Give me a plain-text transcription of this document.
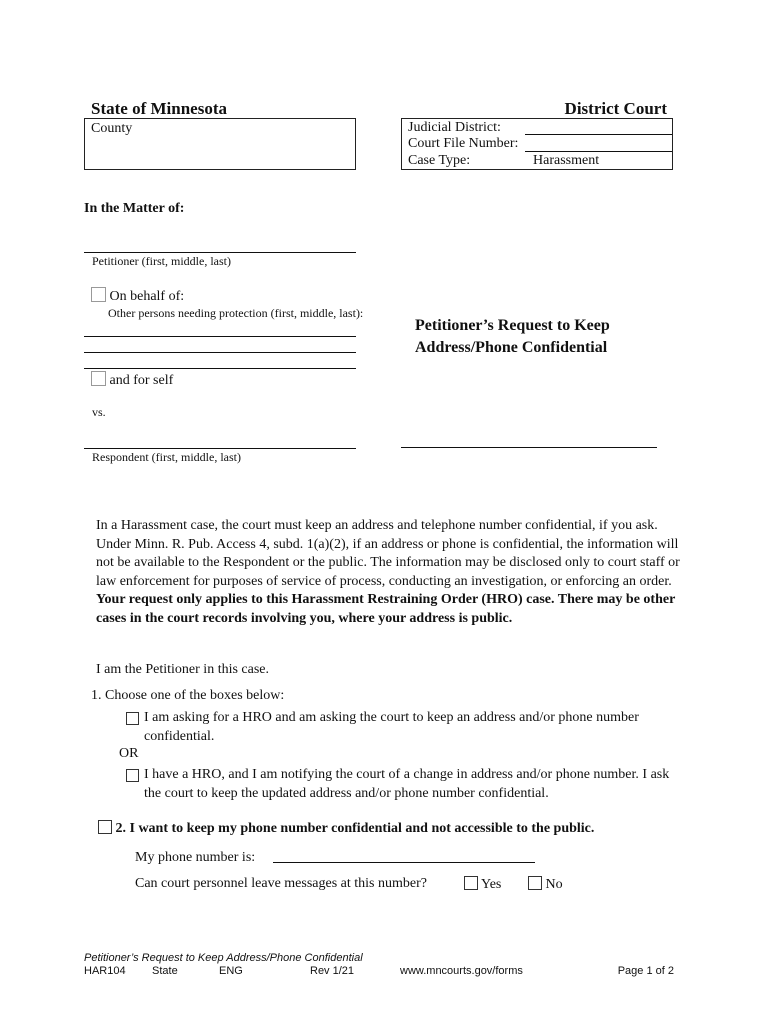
State of Minnesota	District Court
County	Judicial District:
Court File Number:
Case Type:	Harassment
In the Matter of:
Petitioner (first, middle, last)
On behalf of:
Other persons needing protection (first, middle, last):
and for self
vs.
Respondent (first, middle, last)
Petitioner’s Request to Keep
Address/Phone Confidential
In a Harassment case, the court must keep an address and telephone number confidential, if you ask. Under Minn. R. Pub. Access 4, subd. 1(a)(2), if an address or phone is confidential, the information will not be available to the Respondent or the public. The information may be disclosed only to court staff or law enforcement for purposes of service of process, conducting an investigation, or enforcing an order. Your request only applies to this Harassment Restraining Order (HRO) case. There may be other cases in the court records involving you, where your address is public.
I am the Petitioner in this case.
1. Choose one of the boxes below:
I am asking for a HRO and am asking the court to keep an address and/or phone number confidential.
OR
I have a HRO, and I am notifying the court of a change in address and/or phone number. I ask the court to keep the updated address and/or phone number confidential.
2. I want to keep my phone number confidential and not accessible to the public.
My phone number is:
Can court personnel leave messages at this number?	Yes	No
Petitioner’s Request to Keep Address/Phone Confidential
HAR104 State	ENG	Rev 1/21	www.mncourts.gov/forms	Page 1 of 2
